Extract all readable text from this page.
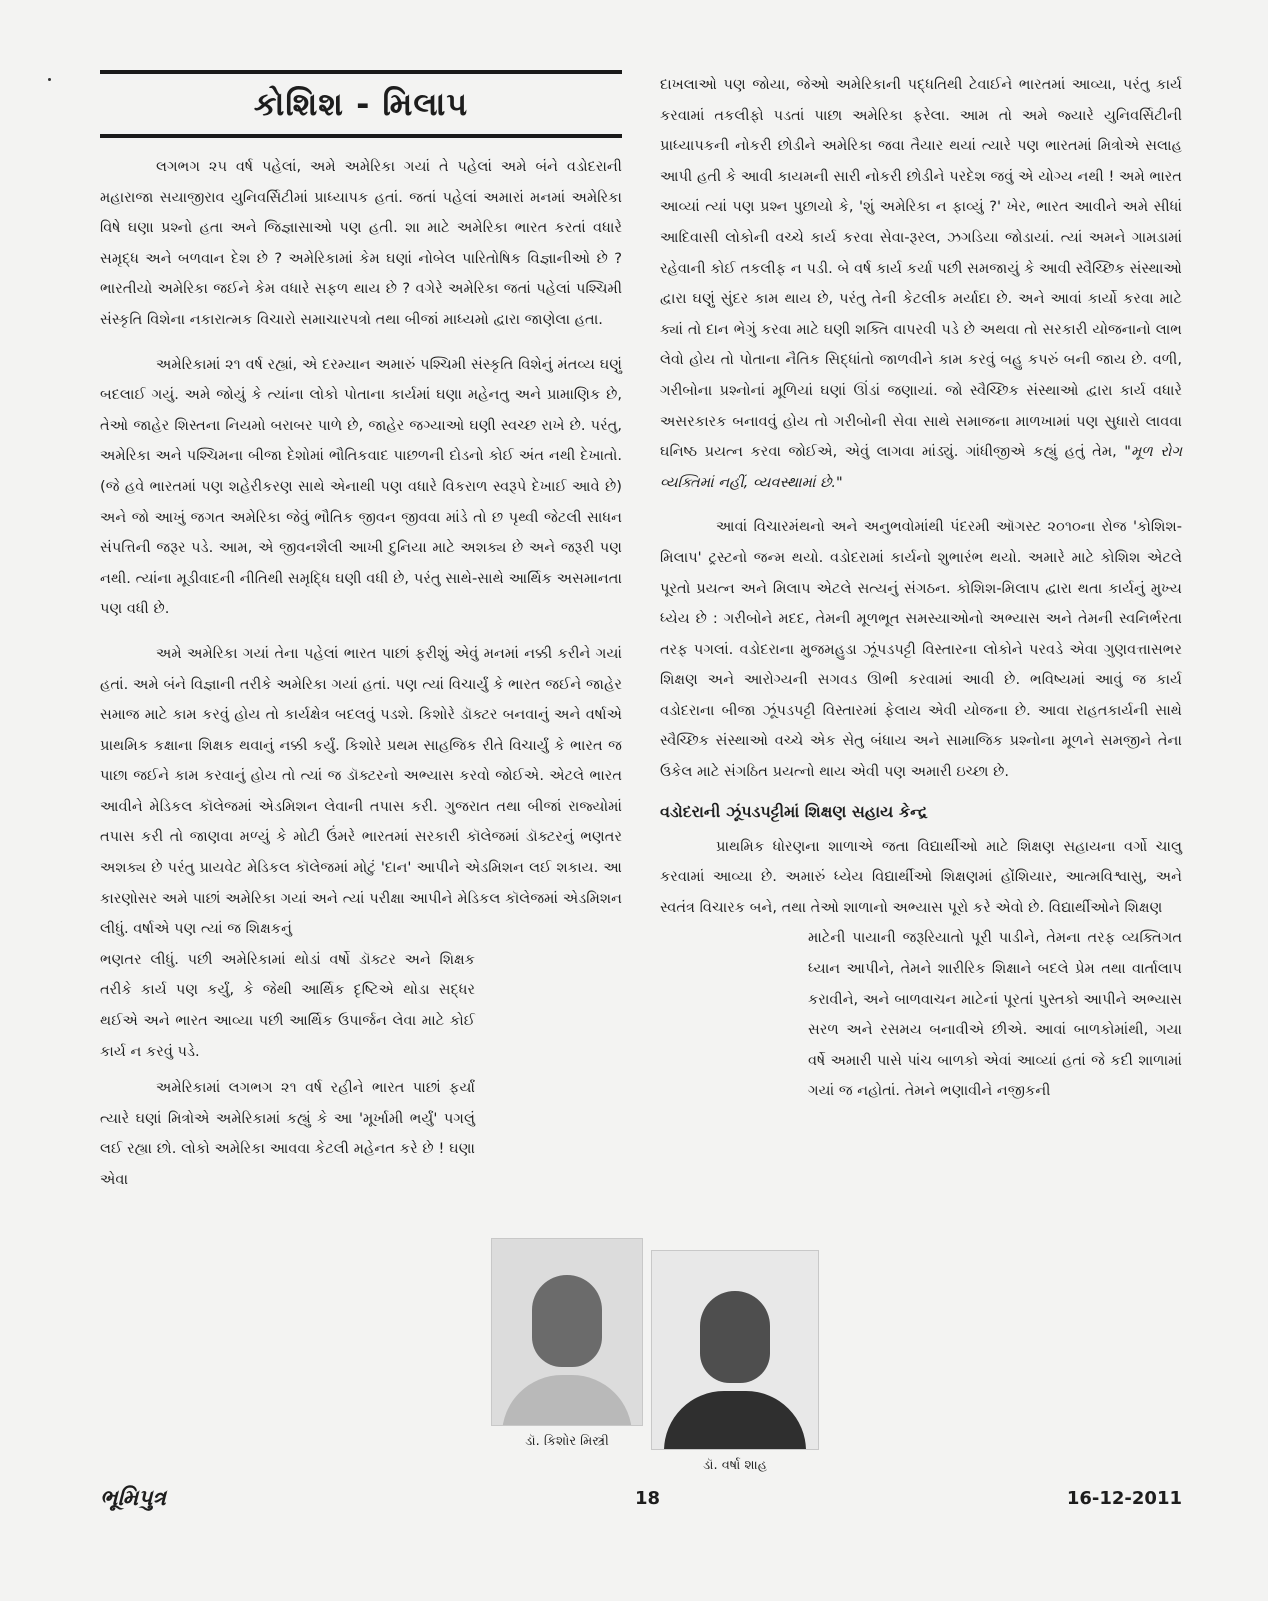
કોશિશ - મિલાપ

લગભગ ૨૫ વર્ષ પહેલાં, અમે અમેરિકા ગયાં તે પહેલાં અમે બંને વડોદરાની મહારાજા સયાજીરાવ યુનિવર્સિટીમાં પ્રાધ્યાપક હતાં. જતાં પહેલાં અમારાં મનમાં અમેરિકા વિષે ઘણા પ્રશ્નો હતા અને જિજ્ઞાસાઓ પણ હતી. શા માટે અમેરિકા ભારત કરતાં વધારે સમૃદ્ધ અને બળવાન દેશ છે ? અમેરિકામાં કેમ ઘણાં નોબેલ પારિતોષિક વિજ્ઞાનીઓ છે ? ભારતીયો અમેરિકા જઈને કેમ વધારે સફળ થાય છે ? વગેરે અમેરિકા જતાં પહેલાં પશ્ચિમી સંસ્કૃતિ વિશેના નકારાત્મક વિચારો સમાચારપત્રો તથા બીજાં માધ્યમો દ્વારા જાણેલા હતા.

અમેરિકામાં ૨૧ વર્ષ રહ્યાં, એ દરમ્યાન અમારું પશ્ચિમી સંસ્કૃતિ વિશેનું મંતવ્ય ઘણું બદલાઈ ગયું. અમે જોયું કે ત્યાંના લોકો પોતાના કાર્યમાં ઘણા મહેનતુ અને પ્રામાણિક છે, તેઓ જાહેર શિસ્તના નિયમો બરાબર પાળે છે, જાહેર જગ્યાઓ ઘણી સ્વચ્છ રાખે છે. પરંતુ, અમેરિકા અને પશ્ચિમના બીજા દેશોમાં ભૌતિકવાદ પાછળની દોડનો કોઈ અંત નથી દેખાતો. (જે હવે ભારતમાં પણ શહેરીકરણ સાથે એનાથી પણ વધારે વિકરાળ સ્વરૂપે દેખાઈ આવે છે) અને જો આખું જગત અમેરિકા જેવું ભૌતિક જીવન જીવવા માંડે તો છ પૃથ્વી જેટલી સાધન સંપત્તિની જરૂર પડે. આમ, એ જીવનશૈલી આખી દુનિયા માટે અશક્ય છે અને જરૂરી પણ નથી. ત્યાંના મૂડીવાદની નીતિથી સમૃદ્ધિ ઘણી વધી છે, પરંતુ સાથે-સાથે આર્થિક અસમાનતા પણ વધી છે.

અમે અમેરિકા ગયાં તેના પહેલાં ભારત પાછાં ફરીશું એવું મનમાં નક્કી કરીને ગયાં હતાં. અમે બંને વિજ્ઞાની તરીકે અમેરિકા ગયાં હતાં. પણ ત્યાં વિચાર્યું કે ભારત જઈને જાહેર સમાજ માટે કામ કરવું હોય તો કાર્યક્ષેત્ર બદલવું પડશે. કિશોરે ડૉક્ટર બનવાનું અને વર્ષાએ પ્રાથમિક કક્ષાના શિક્ષક થવાનું નક્કી કર્યું. કિશોરે પ્રથમ સાહજિક રીતે વિચાર્યું કે ભારત જ પાછા જઈને કામ કરવાનું હોય તો ત્યાં જ ડૉક્ટરનો અભ્યાસ કરવો જોઈએ. એટલે ભારત આવીને મેડિકલ કૉલેજમાં એડમિશન લેવાની તપાસ કરી. ગુજરાત તથા બીજાં રાજ્યોમાં તપાસ કરી તો જાણવા મળ્યું કે મોટી ઉંમરે ભારતમાં સરકારી કૉલેજમાં ડૉક્ટરનું ભણતર અશક્ય છે પરંતુ પ્રાયવેટ મેડિકલ કૉલેજમાં મોટું 'દાન' આપીને એડમિશન લઈ શકાય. આ કારણોસર અમે પાછાં અમેરિકા ગયાં અને ત્યાં પરીક્ષા આપીને મેડિકલ કૉલેજમાં એડમિશન લીધું. વર્ષાએ પણ ત્યાં જ શિક્ષકનું

ભણતર લીધું. પછી અમેરિકામાં થોડાં વર્ષો ડૉક્ટર અને શિક્ષક તરીકે કાર્ય પણ કર્યું, કે જેથી આર્થિક દૃષ્ટિએ થોડા સદ્ધર થઈએ અને ભારત આવ્યા પછી આર્થિક ઉપાર્જન લેવા માટે કોઈ કાર્ય ન કરવું પડે.

અમેરિકામાં લગભગ ૨૧ વર્ષ રહીને ભારત પાછાં ફર્યાં ત્યારે ઘણાં મિત્રોએ અમેરિકામાં કહ્યું કે આ 'મૂર્ખામી ભર્યું' પગલું લઈ રહ્યા છો. લોકો અમેરિકા આવવા કેટલી મહેનત કરે છે ! ઘણા એવા

દાખલાઓ પણ જોયા, જેઓ અમેરિકાની પદ્ધતિથી ટેવાઈને ભારતમાં આવ્યા, પરંતુ કાર્ય કરવામાં તકલીફો પડતાં પાછા અમેરિકા ફરેલા. આમ તો અમે જ્યારે યુનિવર્સિટીની પ્રાધ્યાપકની નોકરી છોડીને અમેરિકા જવા તૈયાર થયાં ત્યારે પણ ભારતમાં મિત્રોએ સલાહ આપી હતી કે આવી કાયમની સારી નોકરી છોડીને પરદેશ જવું એ યોગ્ય નથી ! અમે ભારત આવ્યાં ત્યાં પણ પ્રશ્ન પુછાયો કે, 'શું અમેરિકા ન ફાવ્યું ?' ખેર, ભારત આવીને અમે સીધાં આદિવાસી લોકોની વચ્ચે કાર્ય કરવા સેવા-રૂરલ, ઝગડિયા જોડાયાં. ત્યાં અમને ગામડામાં રહેવાની કોઈ તકલીફ ન પડી. બે વર્ષ કાર્ય કર્યા પછી સમજાયું કે આવી સ્વૈચ્છિક સંસ્થાઓ દ્વારા ઘણું સુંદર કામ થાય છે, પરંતુ તેની કેટલીક મર્યાદા છે. અને આવાં કાર્યો કરવા માટે ક્યાં તો દાન ભેગું કરવા માટે ઘણી શક્તિ વાપરવી પડે છે અથવા તો સરકારી યોજનાનો લાભ લેવો હોય તો પોતાના નૈતિક સિદ્ધાંતો જાળવીને કામ કરવું બહુ કપરું બની જાય છે. વળી, ગરીબોના પ્રશ્નોનાં મૂળિયાં ઘણાં ઊંડાં જણાયાં. જો સ્વૈચ્છિક સંસ્થાઓ દ્વારા કાર્ય વધારે અસરકારક બનાવવું હોય તો ગરીબોની સેવા સાથે સમાજના માળખામાં પણ સુધારો લાવવા ઘનિષ્ઠ પ્રયત્ન કરવા જોઈએ, એવું લાગવા માંડ્યું. ગાંધીજીએ કહ્યું હતું તેમ, "મૂળ રોગ વ્યક્તિમાં નહીં, વ્યવસ્થામાં છે."

આવાં વિચારમંથનો અને અનુભવોમાંથી પંદરમી ઑગસ્ટ ૨૦૧૦ના રોજ 'કોશિશ-મિલાપ' ટ્રસ્ટનો જન્મ થયો. વડોદરામાં કાર્યનો શુભારંભ થયો. અમારે માટે કોશિશ એટલે પૂરતો પ્રયત્ન અને મિલાપ એટલે સત્યનું સંગઠન. કોશિશ-મિલાપ દ્વારા થતા કાર્યનું મુખ્ય ધ્યેય છે : ગરીબોને મદદ, તેમની મૂળભૂત સમસ્યાઓનો અભ્યાસ અને તેમની સ્વનિર્ભરતા તરફ પગલાં. વડોદરાના મુજમહુડા ઝૂંપડપટ્ટી વિસ્તારના લોકોને પરવડે એવા ગુણવત્તાસભર શિક્ષણ અને આરોગ્યની સગવડ ઊભી કરવામાં આવી છે. ભવિષ્યમાં આવું જ કાર્ય વડોદરાના બીજા ઝૂંપડપટ્ટી વિસ્તારમાં ફેલાય એવી યોજના છે. આવા રાહતકાર્યની સાથે સ્વૈચ્છિક સંસ્થાઓ વચ્ચે એક સેતુ બંધાય અને સામાજિક પ્રશ્નોના મૂળને સમજીને તેના ઉકેલ માટે સંગઠિત પ્રયત્નો થાય એવી પણ અમારી ઇચ્છા છે.

વડોદરાની ઝૂંપડપટ્ટીમાં શિક્ષણ સહાય કેન્દ્ર

પ્રાથમિક ધોરણના શાળાએ જતા વિદ્યાર્થીઓ માટે શિક્ષણ સહાયના વર્ગો ચાલુ કરવામાં આવ્યા છે. અમારું ધ્યેય વિદ્યાર્થીઓ શિક્ષણમાં હોંશિયાર, આત્મવિશ્વાસુ, અને સ્વતંત્ર વિચારક બને, તથા તેઓ શાળાનો અભ્યાસ પૂરો કરે એવો છે. વિદ્યાર્થીઓને શિક્ષણ

માટેની પાયાની જરૂરિયાતો પૂરી પાડીને, તેમના તરફ વ્યક્તિગત ધ્યાન આપીને, તેમને શારીરિક શિક્ષાને બદલે પ્રેમ તથા વાર્તાલાપ કરાવીને, અને બાળવાચન માટેનાં પૂરતાં પુસ્તકો આપીને અભ્યાસ સરળ અને રસમય બનાવીએ છીએ. આવાં બાળકોમાંથી, ગયા વર્ષે અમારી પાસે પાંચ બાળકો એવાં આવ્યાં હતાં જે કદી શાળામાં ગયાં જ નહોતાં. તેમને ભણાવીને નજીકની

ડૉ. કિશોર મિસ્ત્રી
ડૉ. વર્ષા શાહ
ભૂમિપુત્ર	18	16-12-2011
